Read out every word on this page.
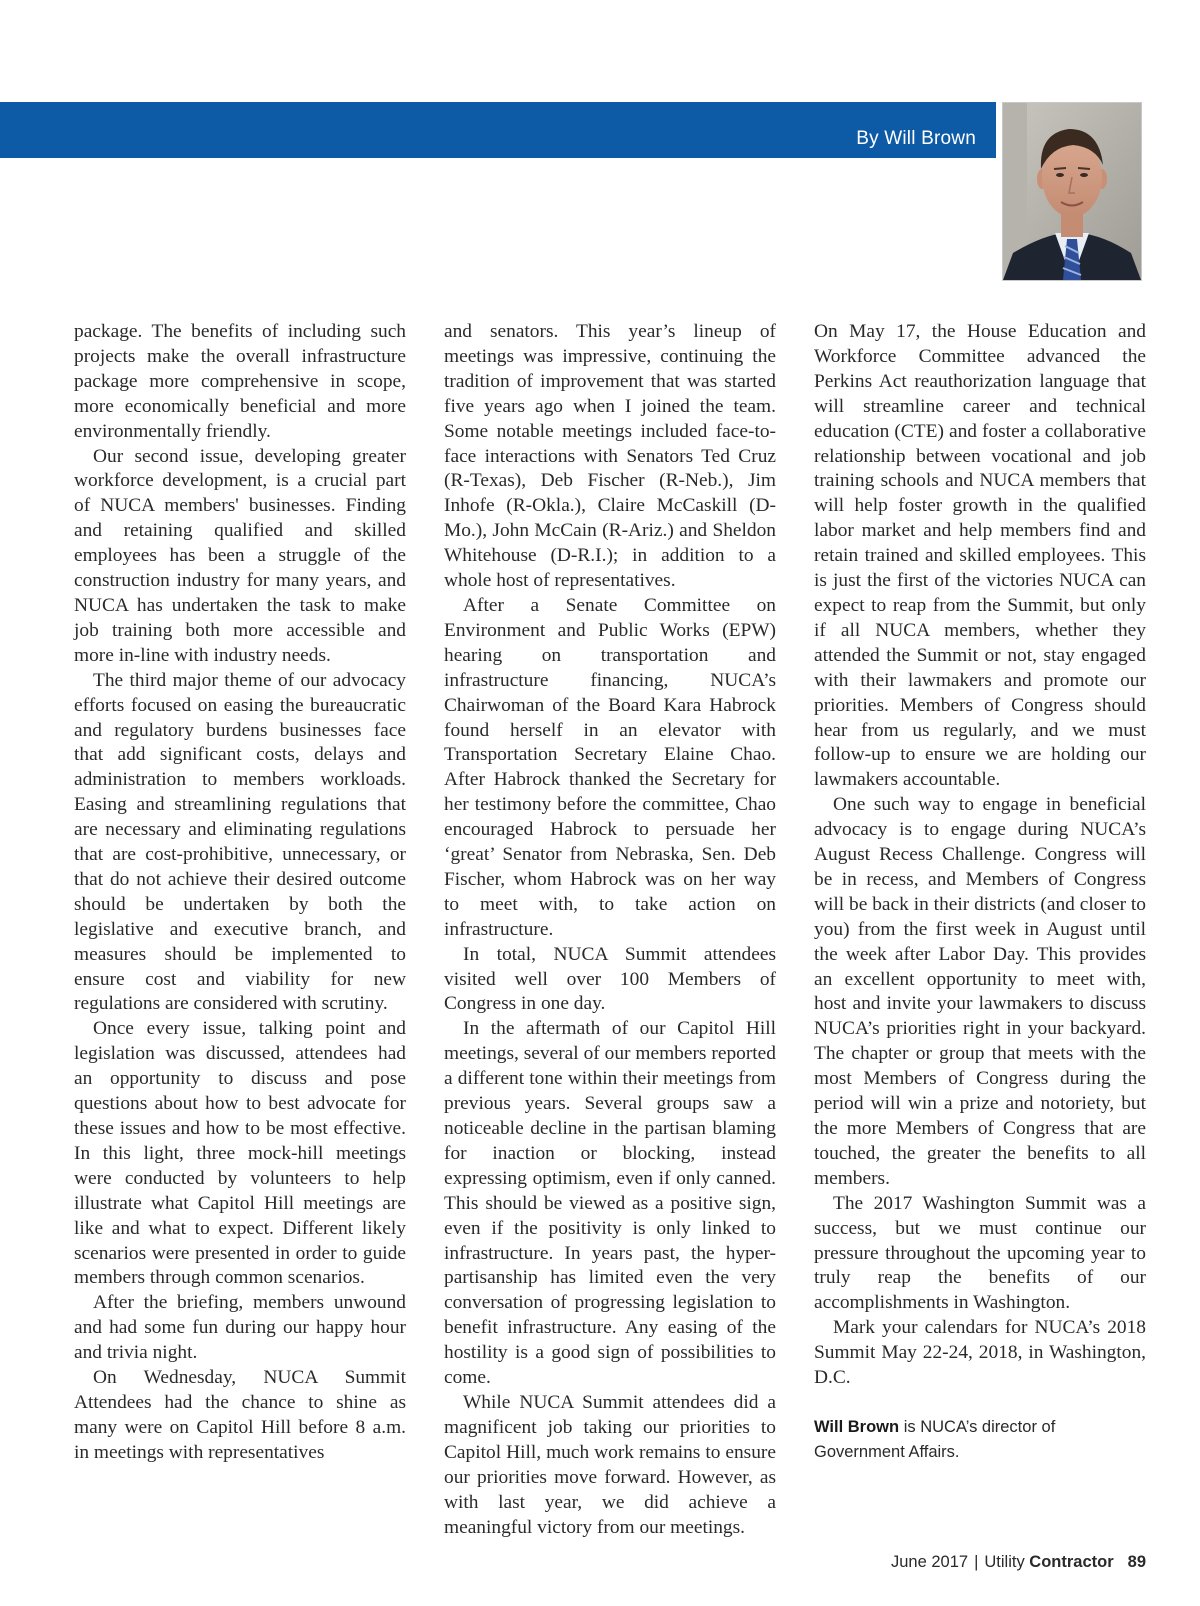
By Will Brown

package. The benefits of including such projects make the overall infrastructure package more comprehensive in scope, more economically beneficial and more environmentally friendly.

Our second issue, developing greater workforce development, is a crucial part of NUCA members' businesses. Finding and retaining qualified and skilled employees has been a struggle of the construction industry for many years, and NUCA has undertaken the task to make job training both more accessible and more in-line with industry needs.

The third major theme of our advocacy efforts focused on easing the bureaucratic and regulatory burdens businesses face that add significant costs, delays and administration to members workloads. Easing and streamlining regulations that are necessary and eliminating regulations that are cost-prohibitive, unnecessary, or that do not achieve their desired outcome should be undertaken by both the legislative and executive branch, and measures should be implemented to ensure cost and viability for new regulations are considered with scrutiny.

Once every issue, talking point and legislation was discussed, attendees had an opportunity to discuss and pose questions about how to best advocate for these issues and how to be most effective. In this light, three mock-hill meetings were conducted by volunteers to help illustrate what Capitol Hill meetings are like and what to expect. Different likely scenarios were presented in order to guide members through common scenarios.

After the briefing, members unwound and had some fun during our happy hour and trivia night.

On Wednesday, NUCA Summit Attendees had the chance to shine as many were on Capitol Hill before 8 a.m. in meetings with representatives

and senators. This year’s lineup of meetings was impressive, continuing the tradition of improvement that was started five years ago when I joined the team. Some notable meetings included face-to-face interactions with Senators Ted Cruz (R-Texas), Deb Fischer (R-Neb.), Jim Inhofe (R-Okla.), Claire McCaskill (D-Mo.), John McCain (R-Ariz.) and Sheldon Whitehouse (D-R.I.); in addition to a whole host of representatives.

After a Senate Committee on Environment and Public Works (EPW) hearing on transportation and infrastructure financing, NUCA’s Chairwoman of the Board Kara Habrock found herself in an elevator with Transportation Secretary Elaine Chao. After Habrock thanked the Secretary for her testimony before the committee, Chao encouraged Habrock to persuade her ‘great’ Senator from Nebraska, Sen. Deb Fischer, whom Habrock was on her way to meet with, to take action on infrastructure.

In total, NUCA Summit attendees visited well over 100 Members of Congress in one day.

In the aftermath of our Capitol Hill meetings, several of our members reported a different tone within their meetings from previous years. Several groups saw a noticeable decline in the partisan blaming for inaction or blocking, instead expressing optimism, even if only canned. This should be viewed as a positive sign, even if the positivity is only linked to infrastructure. In years past, the hyper-partisanship has limited even the very conversation of progressing legislation to benefit infrastructure. Any easing of the hostility is a good sign of possibilities to come.

While NUCA Summit attendees did a magnificent job taking our priorities to Capitol Hill, much work remains to ensure our priorities move forward. However, as with last year, we did achieve a meaningful victory from our meetings.

On May 17, the House Education and Workforce Committee advanced the Perkins Act reauthorization language that will streamline career and technical education (CTE) and foster a collaborative relationship between vocational and job training schools and NUCA members that will help foster growth in the qualified labor market and help members find and retain trained and skilled employees. This is just the first of the victories NUCA can expect to reap from the Summit, but only if all NUCA members, whether they attended the Summit or not, stay engaged with their lawmakers and promote our priorities. Members of Congress should hear from us regularly, and we must follow-up to ensure we are holding our lawmakers accountable.

One such way to engage in beneficial advocacy is to engage during NUCA’s August Recess Challenge. Congress will be in recess, and Members of Congress will be back in their districts (and closer to you) from the first week in August until the week after Labor Day. This provides an excellent opportunity to meet with, host and invite your lawmakers to discuss NUCA’s priorities right in your backyard. The chapter or group that meets with the most Members of Congress during the period will win a prize and notoriety, but the more Members of Congress that are touched, the greater the benefits to all members.

The 2017 Washington Summit was a success, but we must continue our pressure throughout the upcoming year to truly reap the benefits of our accomplishments in Washington.

Mark your calendars for NUCA’s 2018 Summit May 22-24, 2018, in Washington, D.C.

Will Brown is NUCA’s director of Government Affairs.
June 2017 | Utility Contractor 89
